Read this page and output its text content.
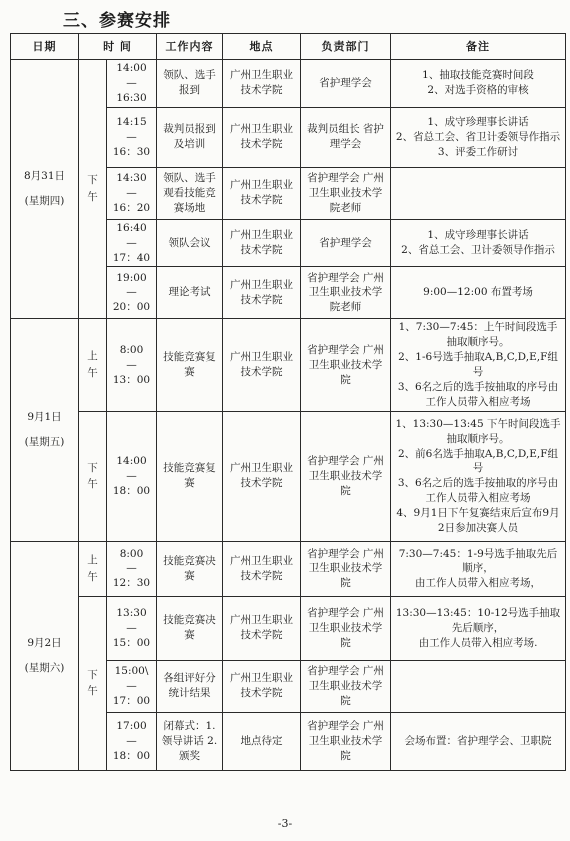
三、参赛安排
日期	时 间		工作内容	地点	负责部门	备注

8月31日
(星期四)	下午	14:00
—
16:30	领队、选手报到	广州卫生职业技术学院	省护理学会	1、抽取技能竞赛时间段
2、对选手资格的审核

		14:15
—
16：30	裁判员报到及培训	广州卫生职业技术学院	裁判员组长 省护理学会	1、成守珍理事长讲话
2、省总工会、省卫计委领导作指示
3、评委工作研讨

		14:30
—
16：20	领队、选手观看技能竞赛场地	广州卫生职业技术学院	省护理学会 广州卫生职业技术学院老师	

		16:40
—
17：40	领队会议	广州卫生职业技术学院	省护理学会	1、成守珍理事长讲话
2、省总工会、卫计委领导作指示

		19:00
—
20：00	理论考试	广州卫生职业技术学院	省护理学会 广州卫生职业技术学院老师	9:00—12:00 布置考场

9月1日
(星期五)	上午	8:00
—
13：00	技能竞赛复赛	广州卫生职业技术学院	省护理学会 广州卫生职业技术学院	1、7:30—7:45：上午时间段选手抽取顺序号。
2、1-6号选手抽取A,B,C,D,E,F组号
3、6名之后的选手按抽取的序号由工作人员带入相应考场

	下午	14:00
—
18：00	技能竞赛复赛	广州卫生职业技术学院	省护理学会 广州卫生职业技术学院	1、13:30—13:45 下午时间段选手抽取顺序号。
2、前6名选手抽取A,B,C,D,E,F组号
3、6名之后的选手按抽取的序号由工作人员带入相应考场
4、9月1日下午复赛结束后宣布9月2日参加决赛人员

9月2日
(星期六)	上午	8:00
—
12：30	技能竞赛决赛	广州卫生职业技术学院	省护理学会 广州卫生职业技术学院	7:30—7:45：1-9号选手抽取先后顺序，
由工作人员带入相应考场，

	下午	13:30
—
15：00	技能竞赛决赛	广州卫生职业技术学院	省护理学会 广州卫生职业技术学院	13:30—13:45：10-12号选手抽取先后顺序，
由工作人员带入相应考场.

		15:00\
—
17：00	各组评好分统计结果	广州卫生职业技术学院	省护理学会 广州卫生职业技术学院	

		17:00
—
18：00	闭幕式：1.领导讲话 2.颁奖	地点待定	省护理学会 广州卫生职业技术学院	会场布置：省护理学会、卫职院
-3-
